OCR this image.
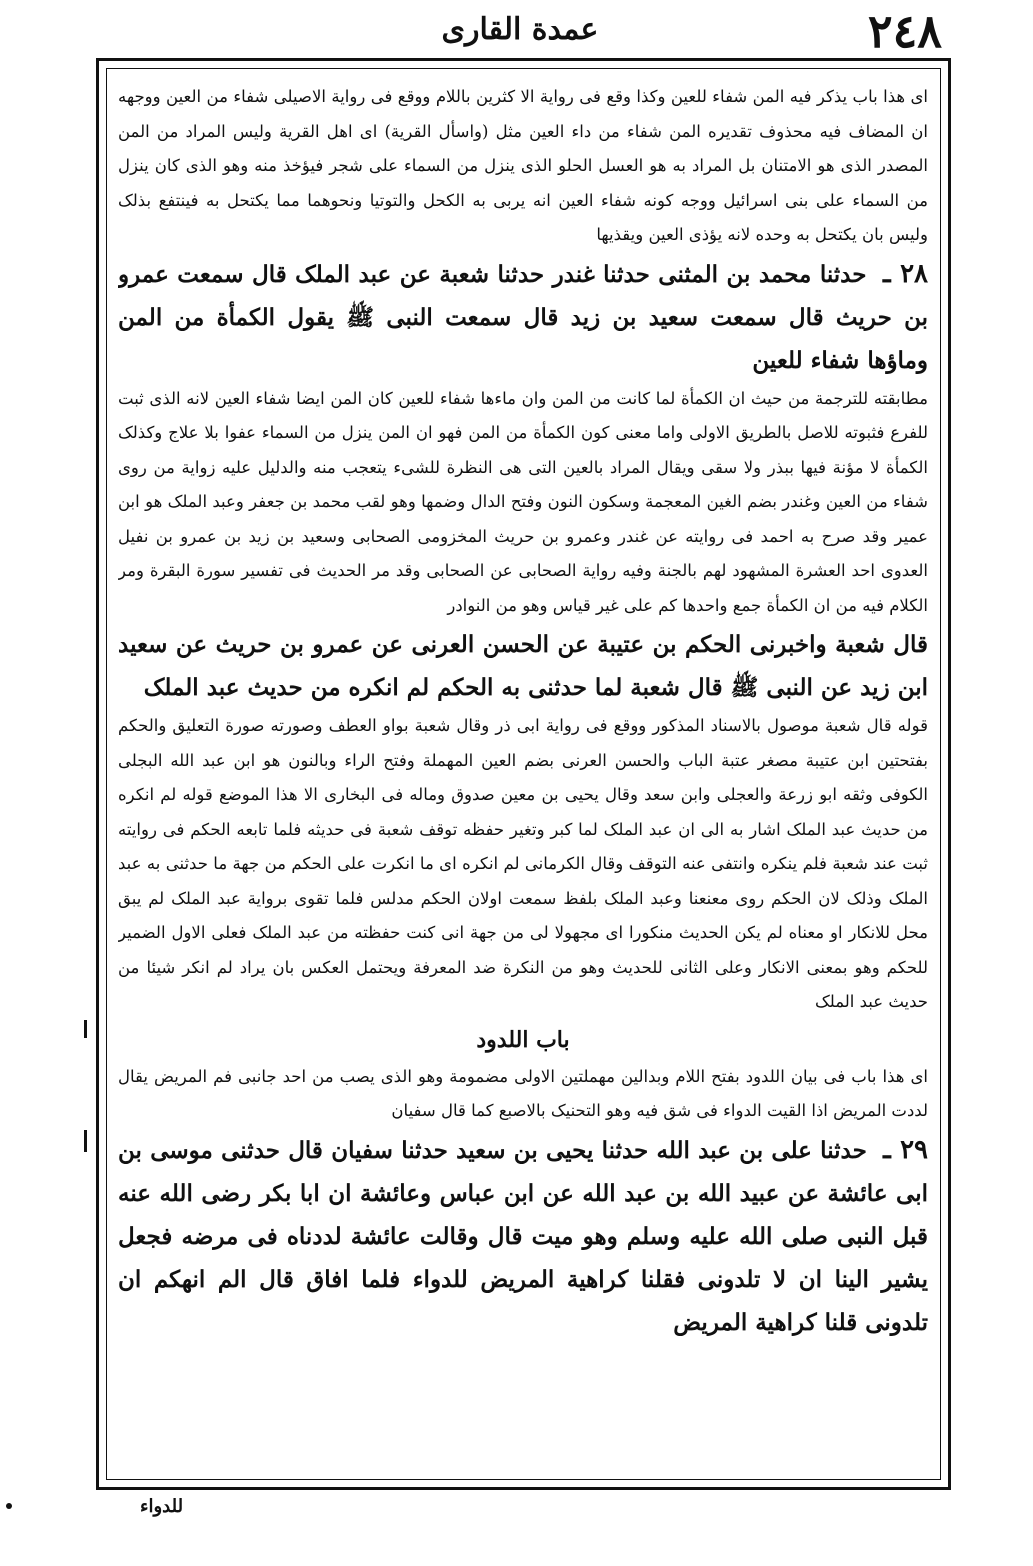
عمدة القاری	٢٤٨

ای هذا باب یذکر فیه المن شفاء للعین وکذا وقع فی روایة الا کثرین باللام ووقع فی روایة الاصیلی شفاء من العین ووجهه ان المضاف فیه محذوف تقدیره المن شفاء من داء العین مثل (واسأل القریة) ای اهل القریة ولیس المراد من المن المصدر الذی هو الامتنان بل المراد به هو العسل الحلو الذی ینزل من السماء علی شجر فیؤخذ منه وهو الذی کان ینزل من السماء علی بنی اسرائیل ووجه کونه شفاء العین انه یربی به الکحل والتوتیا ونحوهما مما یکتحل به فینتفع بذلک ولیس بان یکتحل به وحده لانه یؤذی العین ویقذیها

٢٨ ـ حدثنا محمد بن المثنی حدثنا غندر حدثنا شعبة عن عبد الملک قال سمعت عمرو بن حریث قال سمعت سعید بن زید قال سمعت النبی ﷺ یقول الکمأة من المن وماؤها شفاء للعین

مطابقته للترجمة من حیث ان الکمأة لما کانت من المن وان ماءها شفاء للعین کان المن ایضا شفاء العین لانه الذی ثبت للفرع فثبوته للاصل بالطریق الاولی واما معنی کون الکمأة من المن فهو ان المن ینزل من السماء عفوا بلا علاج وکذلک الکمأة لا مؤنة فیها ببذر ولا سقی ویقال المراد بالعین التی هی النظرة للشیء یتعجب منه والدلیل علیه زوایة من روی شفاء من العین وغندر بضم الغین المعجمة وسکون النون وفتح الدال وضمها وهو لقب محمد بن جعفر وعبد الملک هو ابن عمیر وقد صرح به احمد فی روایته عن غندر وعمرو بن حریث المخزومی الصحابی وسعید بن زید بن عمرو بن نفیل العدوی احد العشرة المشهود لهم بالجنة وفیه روایة الصحابی عن الصحابی وقد مر الحدیث فی تفسیر سورة البقرة ومر الکلام فیه من ان الکمأة جمع واحدها کم علی غیر قیاس وهو من النوادر

قال شعبة واخبرنی الحکم بن عتیبة عن الحسن العرنی عن عمرو بن حریث عن سعید ابن زید عن النبی ﷺ قال شعبة لما حدثنی به الحکم لم انکره من حدیث عبد الملک

قوله قال شعبة موصول بالاسناد المذکور ووقع فی روایة ابی ذر وقال شعبة بواو العطف وصورته صورة التعلیق والحکم بفتحتین ابن عتیبة مصغر عتبة الباب والحسن العرنی بضم العین المهملة وفتح الراء وبالنون هو ابن عبد الله البجلی الکوفی وثقه ابو زرعة والعجلی وابن سعد وقال یحیی بن معین صدوق وماله فی البخاری الا هذا الموضع قوله لم انکره من حدیث عبد الملک اشار به الی ان عبد الملک لما کبر وتغیر حفظه توقف شعبة فی حدیثه فلما تابعه الحکم فی روایته ثبت عند شعبة فلم ینکره وانتفی عنه التوقف وقال الکرمانی لم انکره ای ما انکرت علی الحکم من جهة ما حدثنی به عبد الملک وذلک لان الحکم روی معنعنا وعبد الملک بلفظ سمعت اولان الحکم مدلس فلما تقوی بروایة عبد الملک لم یبق محل للانکار او معناه لم یکن الحدیث منکورا ای مجهولا لی من جهة انی کنت حفظته من عبد الملک فعلی الاول الضمیر للحکم وهو بمعنی الانکار وعلی الثانی للحدیث وهو من النکرة ضد المعرفة ویحتمل العکس بان یراد لم انکر شیئا من حدیث عبد الملک

باب اللدود

ای هذا باب فی بیان اللدود بفتح اللام وبدالین مهملتین الاولی مضمومة وهو الذی یصب من احد جانبی فم المریض یقال لددت المریض اذا القیت الدواء فی شق فیه وهو التحنیک بالاصبع کما قال سفیان

٢٩ ـ حدثنا علی بن عبد الله حدثنا یحیی بن سعید حدثنا سفیان قال حدثنی موسی بن ابی عائشة عن عبید الله بن عبد الله عن ابن عباس وعائشة ان ابا بکر رضی الله عنه قبل النبی صلی الله علیه وسلم وهو میت قال وقالت عائشة لددناه فی مرضه فجعل یشیر الینا ان لا تلدونی فقلنا کراهیة المریض للدواء فلما افاق قال الم انهکم ان تلدونی قلنا کراهیة المریض

للدواء
